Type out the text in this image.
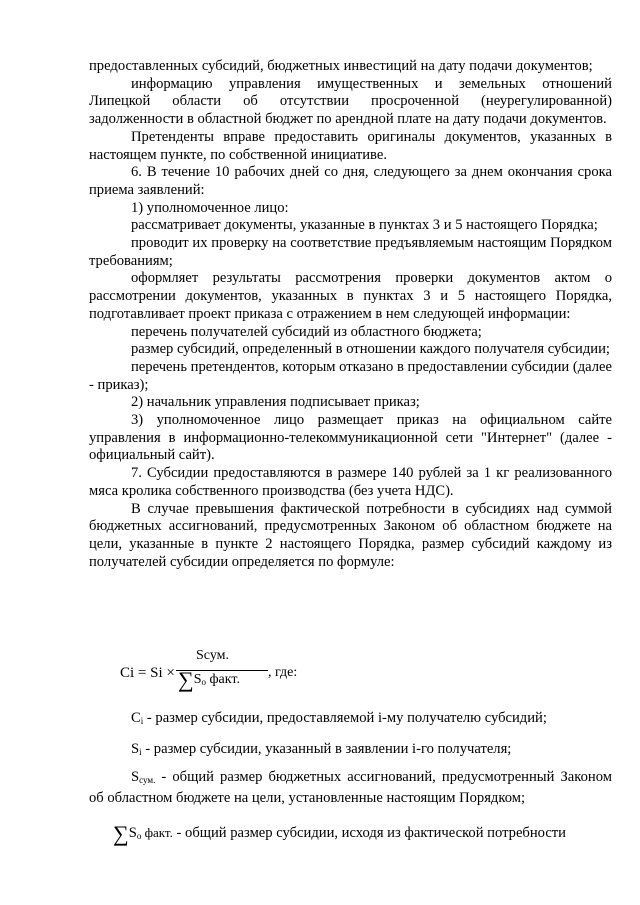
предоставленных субсидий, бюджетных инвестиций на дату подачи документов;

информацию управления имущественных и земельных отношений Липецкой области об отсутствии просроченной (неурегулированной) задолженности в областной бюджет по арендной плате на дату подачи документов.

Претенденты вправе предоставить оригиналы документов, указанных в настоящем пункте, по собственной инициативе.

6. В течение 10 рабочих дней со дня, следующего за днем окончания срока приема заявлений:

1) уполномоченное лицо:

рассматривает документы, указанные в пунктах 3 и 5 настоящего Порядка;

проводит их проверку на соответствие предъявляемым настоящим Порядком требованиям;

оформляет результаты рассмотрения проверки документов актом о рассмотрении документов, указанных в пунктах 3 и 5 настоящего Порядка, подготавливает проект приказа с отражением в нем следующей информации:

перечень получателей субсидий из областного бюджета;

размер субсидий, определенный в отношении каждого получателя субсидии;

перечень претендентов, которым отказано в предоставлении субсидии (далее - приказ);

2) начальник управления подписывает приказ;

3) уполномоченное лицо размещает приказ на официальном сайте управления в информационно-телекоммуникационной сети "Интернет" (далее - официальный сайт).

7. Субсидии предоставляются в размере 140 рублей за 1 кг реализованного мяса кролика собственного производства (без учета НДС).

В случае превышения фактической потребности в субсидиях над суммой бюджетных ассигнований, предусмотренных Законом об областном бюджете на цели, указанные в пункте 2 настоящего Порядка, размер субсидий каждому из получателей субсидии определяется по формуле:

Ci = Si ×
Sсум.
$\sum S_о$ факт. , где:

$C_i$ - размер субсидии, предоставляемой i-му получателю субсидий;

$S_i$ - размер субсидии, указанный в заявлении i-го получателя;

$S_{сум.}$ - общий размер бюджетных ассигнований, предусмотренный Законом об областном бюджете на цели, установленные настоящим Порядком;

$\sum S_о$ факт. - общий размер субсидии, исходя из фактической потребности
